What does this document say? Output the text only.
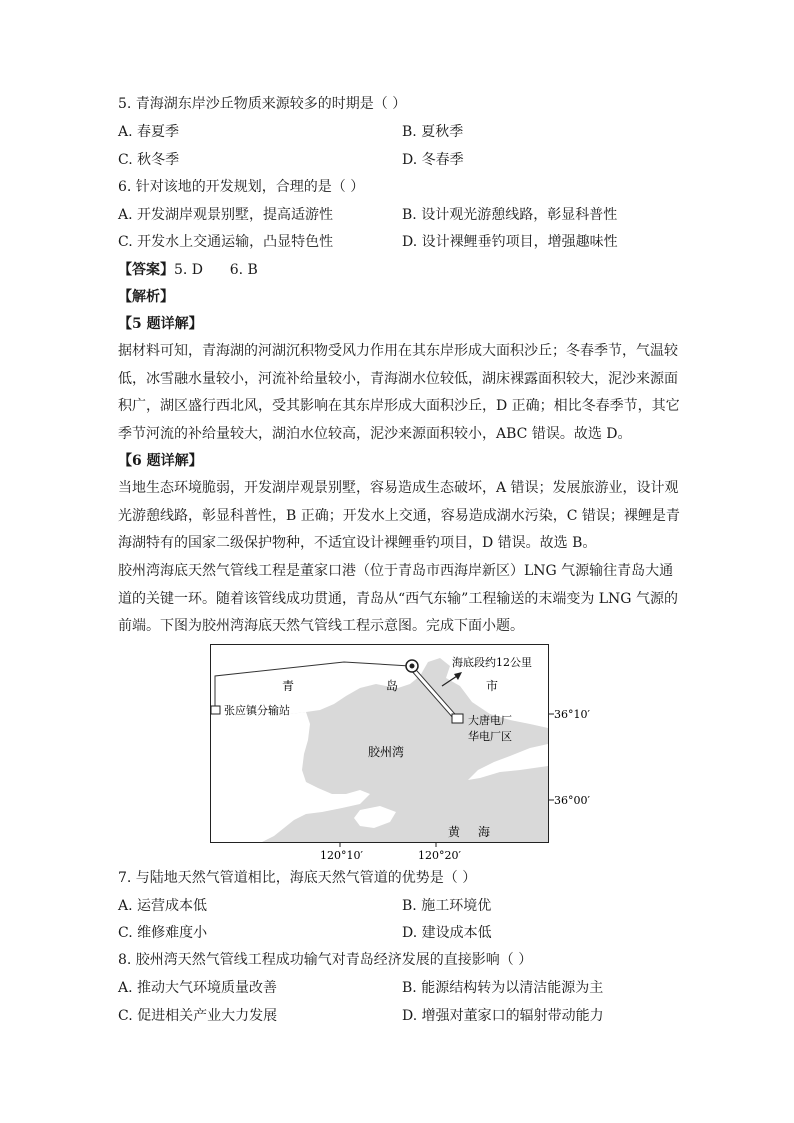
5. 青海湖东岸沙丘物质来源较多的时期是（ ）
A. 春夏季	B. 夏秋季
C. 秋冬季	D. 冬春季
6. 针对该地的开发规划，合理的是（ ）
A. 开发湖岸观景别墅，提高适游性	B. 设计观光游憩线路，彰显科普性
C. 开发水上交通运输，凸显特色性	D. 设计裸鲤垂钓项目，增强趣味性
【答案】5. D      6. B
【解析】
【5 题详解】
据材料可知，青海湖的河湖沉积物受风力作用在其东岸形成大面积沙丘；冬春季节，气温较
低，冰雪融水量较小，河流补给量较小，青海湖水位较低，湖床裸露面积较大，泥沙来源面
积广，湖区盛行西北风，受其影响在其东岸形成大面积沙丘，D 正确；相比冬春季节，其它
季节河流的补给量较大，湖泊水位较高，泥沙来源面积较小，ABC 错误。故选 D。
【6 题详解】
当地生态环境脆弱，开发湖岸观景别墅，容易造成生态破坏，A 错误；发展旅游业，设计观
光游憩线路，彰显科普性，B 正确；开发水上交通，容易造成湖水污染，C 错误；裸鲤是青
海湖特有的国家二级保护物种，不适宜设计裸鲤垂钓项目，D 错误。故选 B。
胶州湾海底天然气管线工程是董家口港（位于青岛市西海岸新区）LNG 气源输往青岛大通
道的关键一环。随着该管线成功贯通，青岛从“西气东输”工程输送的末端变为 LNG 气源的
前端。下图为胶州湾海底天然气管线工程示意图。完成下面小题。
海底段约12公里
青	岛	市
张应镇分输站
大唐电厂
华电厂区
胶州湾
黄 海
36°10′
36°00′
120°10′	120°20′
7. 与陆地天然气管道相比，海底天然气管道的优势是（ ）
A. 运营成本低	B. 施工环境优
C. 维修难度小	D. 建设成本低
8. 胶州湾天然气管线工程成功输气对青岛经济发展的直接影响（ ）
A. 推动大气环境质量改善	B. 能源结构转为以清洁能源为主
C. 促进相关产业大力发展	D. 增强对董家口的辐射带动能力
